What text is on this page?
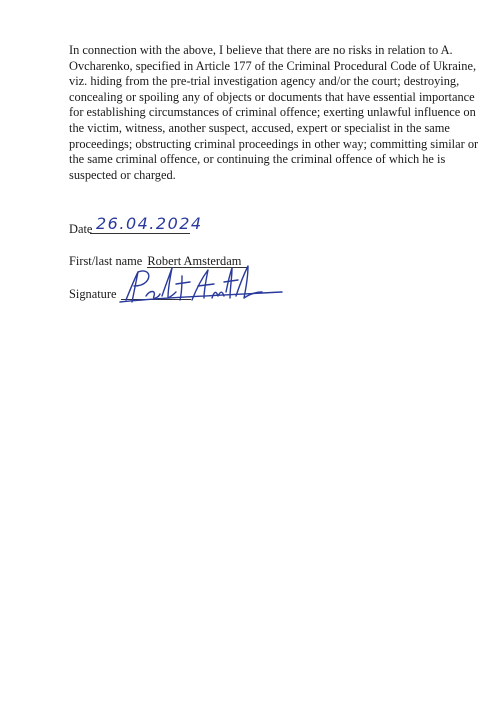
In connection with the above, I believe that there are no risks in relation to A. Ovcharenko, specified in Article 177 of the Criminal Procedural Code of Ukraine, viz. hiding from the pre-trial investigation agency and/or the court; destroying, concealing or spoiling any of objects or documents that have essential importance for establishing circumstances of criminal offence; exerting unlawful influence on the victim, witness, another suspect, accused, expert or specialist in the same proceedings; obstructing criminal proceedings in other way; committing similar or the same criminal offence, or continuing the criminal offence of which he is suspected or charged.

Date 26.04.2024
First/last name Robert Amsterdam
Signature
